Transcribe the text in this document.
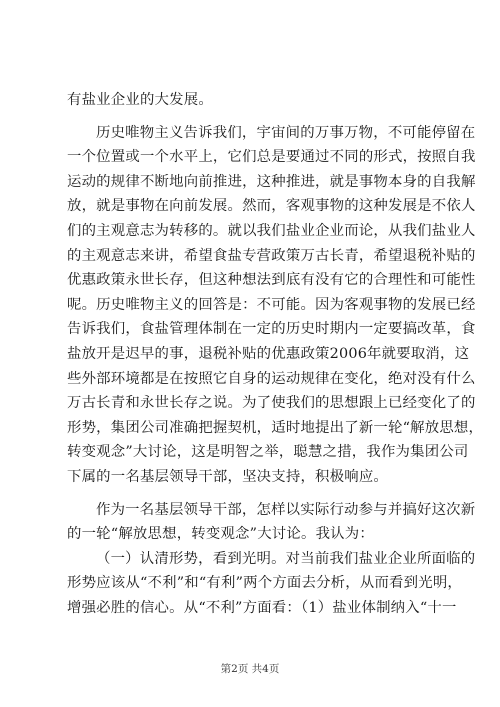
有盐业企业的大发展。
历史唯物主义告诉我们，宇宙间的万事万物，不可能停留在
一个位置或一个水平上，它们总是要通过不同的形式，按照自我
运动的规律不断地向前推进，这种推进，就是事物本身的自我解
放，就是事物在向前发展。然而，客观事物的这种发展是不依人
们的主观意志为转移的。就以我们盐业企业而论，从我们盐业人
的主观意志来讲，希望食盐专营政策万古长青，希望退税补贴的
优惠政策永世长存，但这种想法到底有没有它的合理性和可能性
呢。历史唯物主义的回答是：不可能。因为客观事物的发展已经
告诉我们，食盐管理体制在一定的历史时期内一定要搞改革，食
盐放开是迟早的事，退税补贴的优惠政策2006年就要取消，这
些外部环境都是在按照它自身的运动规律在变化，绝对没有什么
万古长青和永世长存之说。为了使我们的思想跟上已经变化了的
形势，集团公司准确把握契机，适时地提出了新一轮“解放思想，
转变观念”大讨论，这是明智之举，聪慧之措，我作为集团公司
下属的一名基层领导干部，坚决支持，积极响应。
作为一名基层领导干部，怎样以实际行动参与并搞好这次新
的一轮“解放思想，转变观念”大讨论。我认为：
（一）认清形势，看到光明。对当前我们盐业企业所面临的
形势应该从“不利”和“有利”两个方面去分析，从而看到光明，
增强必胜的信心。从“不利”方面看：（1）盐业体制纳入“十一
第2页 共4页
